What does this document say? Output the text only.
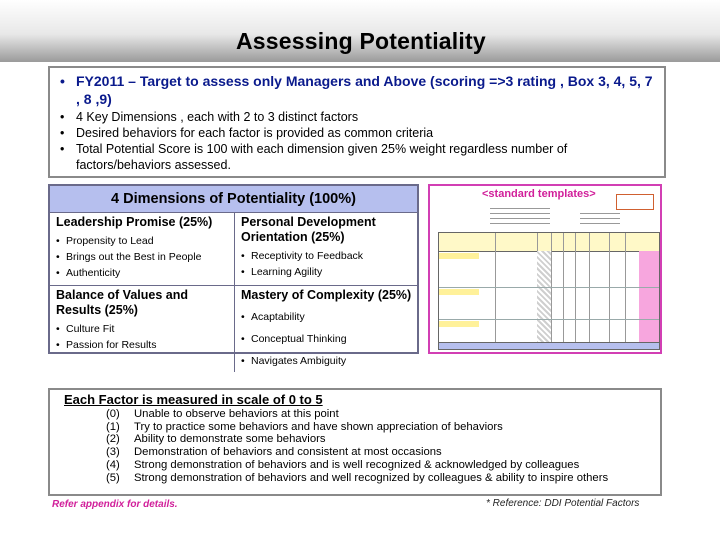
Assessing Potentiality
• FY2011 – Target to assess only Managers and Above (scoring =>3 rating , Box 3, 4, 5, 7 , 8 ,9)
• 4 Key Dimensions , each with 2 to 3 distinct factors
• Desired behaviors for each factor is provided as common criteria
• Total Potential Score is 100 with each dimension given 25% weight regardless number of factors/behaviors assessed.
4 Dimensions of Potentiality (100%)
Leadership Promise (25%)
• Propensity to Lead
• Brings out the Best in People
• Authenticity
Personal Development Orientation (25%)
• Receptivity to Feedback
• Learning Agility
Balance of Values and Results (25%)
• Culture Fit
• Passion for Results
Mastery of Complexity (25%)
• Acaptability
• Conceptual Thinking
• Navigates Ambiguity
<standard templates>
Each Factor is measured in scale of 0 to 5
(0)	Unable to observe behaviors at this point
(1)	Try to practice some behaviors and have shown appreciation of behaviors
(2)	Ability to demonstrate some behaviors
(3)	Demonstration of behaviors and consistent at most occasions
(4)	Strong demonstration of behaviors and is well recognized & acknowledged by colleagues
(5)	Strong demonstration of behaviors and well recognized by colleagues & ability to inspire others
Refer appendix for details.	* Reference: DDI Potential Factors
